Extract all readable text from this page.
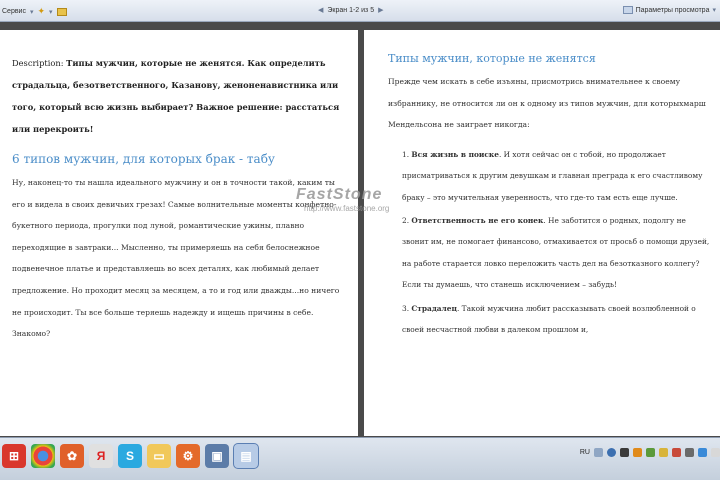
Сервис ▾ ✦ ▾	◀ Экран 1-2 из 5 ▶	Параметры просмотра ▾

Description: Типы мужчин, которые не женятся. Как определить страдальца, безответственного, Казанову, женоненавистника или того, который всю жизнь выбирает? Важное решение: расстаться или перекроить!

6 типов мужчин, для которых брак - табу

Ну, наконец-то ты нашла идеального мужчину и он в точности такой, каким ты его и видела в своих девичьих грезах! Самые волнительные моменты конфетно-букетного периода, прогулки под луной, романтические ужины, плавно переходящие в завтраки... Мысленно, ты примеряешь на себя белоснежное подвенечное платье и представляешь во всех деталях, как любимый делает предложение. Но проходит месяц за месяцем, а то и год или дважды...но ничего не происходит. Ты все больше теряешь надежду и ищешь причины в себе. Знакомо?

Типы мужчин, которые не женятся

Прежде чем искать в себе изъяны, присмотрись внимательнее к своему избраннику, не относится ли он к одному из типов мужчин, для которыхмарш Мендельсона не заиграет никогда:

1. Вся жизнь в поиске. И хотя сейчас он с тобой, но продолжает присматриваться к другим девушкам и главная преграда к его счастливому браку – это мучительная уверенность, что где-то там есть еще лучше.
2. Ответственность не его конек. Не заботится о родных, подолгу не звонит им, не помогает финансово, отмахивается от просьб о помощи друзей, на работе старается ловко переложить часть дел на безотказного коллегу? Если ты думаешь, что станешь исключением – забудь!
3. Страдалец. Такой мужчина любит рассказывать своей возлюбленной о своей несчастной любви в далеком прошлом и,
FastStone
http://www.faststone.org
⊞	✿	Я	S	▭	⚙	▣	▤	RU
